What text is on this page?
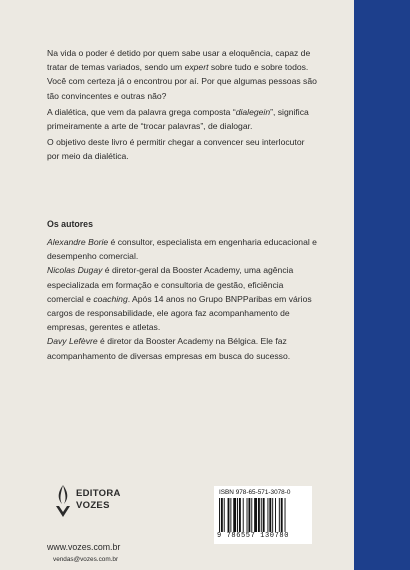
Na vida o poder é detido por quem sabe usar a eloquência, capaz de tratar de temas variados, sendo um expert sobre tudo e sobre todos. Você com certeza já o encontrou por aí. Por que algumas pessoas são tão convincentes e outras não?

A dialética, que vem da palavra grega composta “dialegein”, significa primeiramente a arte de “trocar palavras”, de dialogar.

O objetivo deste livro é permitir chegar a convencer seu interlocutor por meio da dialética.

Os autores

Alexandre Borie é consultor, especialista em engenharia educacional e desempenho comercial.

Nicolas Dugay é diretor-geral da Booster Academy, uma agência especializada em formação e consultoria de gestão, eficiência comercial e coaching. Após 14 anos no Grupo BNPParibas em vários cargos de responsabilidade, ele agora faz acompanhamento de empresas, gerentes e atletas.

Davy Lefèvre é diretor da Booster Academy na Bélgica. Ele faz acompanhamento de diversas empresas em busca do sucesso.

EDITORA
VOZES
www.vozes.com.br
vendas@vozes.com.br
ISBN 978-65-571-3078-0
9 786557 130780
